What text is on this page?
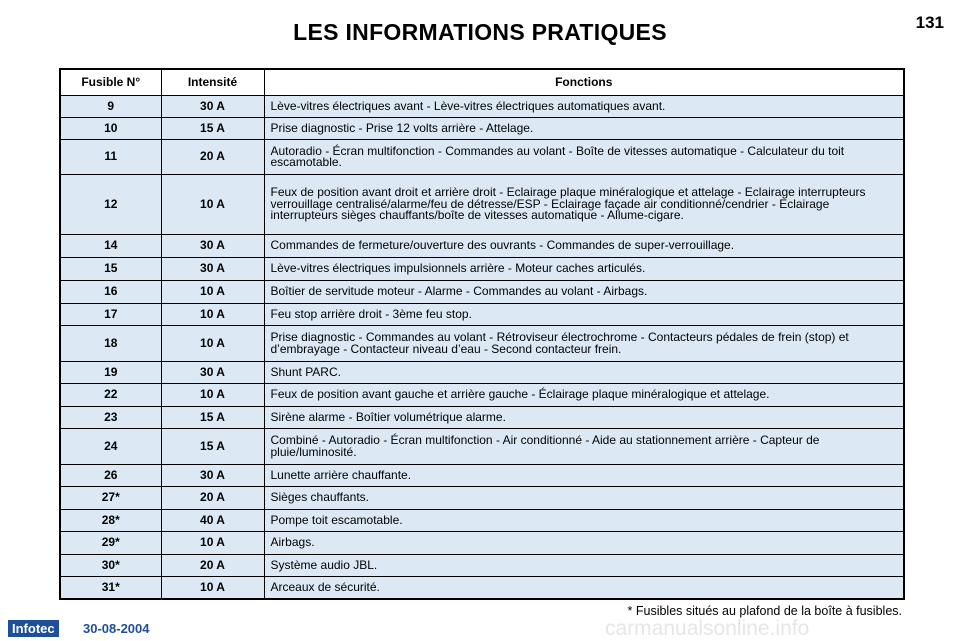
LES INFORMATIONS PRATIQUES	131
Fusible N°	Intensité	Fonctions
9	30 A	Lève-vitres électriques avant - Lève-vitres électriques automatiques avant.
10	15 A	Prise diagnostic - Prise 12 volts arrière - Attelage.
11	20 A	Autoradio - Écran multifonction - Commandes au volant - Boîte de vitesses automatique - Calculateur du toit escamotable.
12	10 A	Feux de position avant droit et arrière droit - Eclairage plaque minéralogique et attelage - Eclairage interrupteurs verrouillage centralisé/alarme/feu de détresse/ESP - Eclairage façade air conditionné/cendrier - Eclairage interrupteurs sièges chauffants/boîte de vitesses automatique - Allume-cigare.
14	30 A	Commandes de fermeture/ouverture des ouvrants - Commandes de super-verrouillage.
15	30 A	Lève-vitres électriques impulsionnels arrière - Moteur caches articulés.
16	10 A	Boîtier de servitude moteur - Alarme - Commandes au volant - Airbags.
17	10 A	Feu stop arrière droit - 3ème feu stop.
18	10 A	Prise diagnostic - Commandes au volant - Rétroviseur électrochrome - Contacteurs pédales de frein (stop) et d’embrayage - Contacteur niveau d’eau - Second contacteur frein.
19	30 A	Shunt PARC.
22	10 A	Feux de position avant gauche et arrière gauche - Éclairage plaque minéralogique et attelage.
23	15 A	Sirène alarme - Boîtier volumétrique alarme.
24	15 A	Combiné - Autoradio - Écran multifonction - Air conditionné - Aide au stationnement arrière - Capteur de pluie/luminosité.
26	30 A	Lunette arrière chauffante.
27*	20 A	Sièges chauffants.
28*	40 A	Pompe toit escamotable.
29*	10 A	Airbags.
30*	20 A	Système audio JBL.
31*	10 A	Arceaux de sécurité.
* Fusibles situés au plafond de la boîte à fusibles.
Infotec	30-08-2004	carmanualsonline.info
